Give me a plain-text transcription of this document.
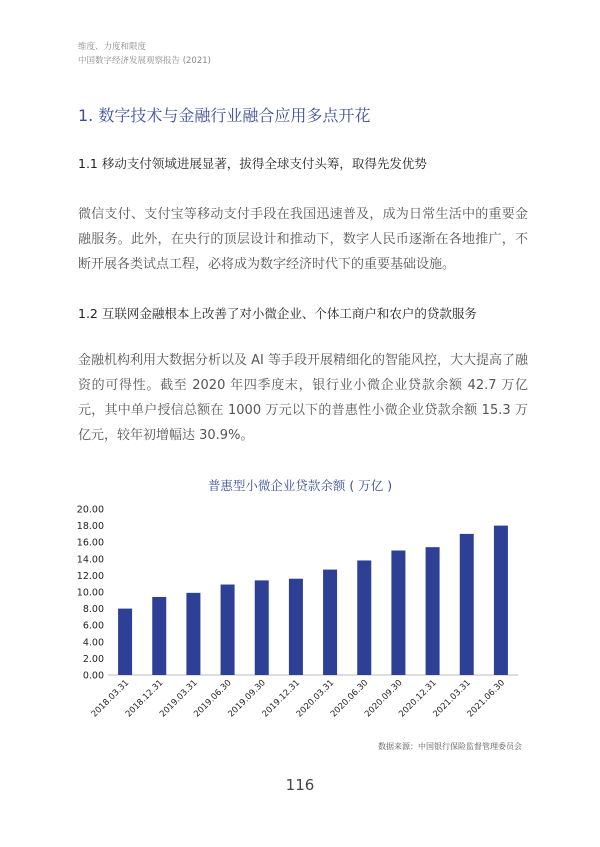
维度、力度和限度
中国数字经济发展观察报告 (2021)
1. 数字技术与金融行业融合应用多点开花
1.1 移动支付领域进展显著，拔得全球支付头筹，取得先发优势
微信支付、支付宝等移动支付手段在我国迅速普及，成为日常生活中的重要金融服务。此外，在央行的顶层设计和推动下，数字人民币逐渐在各地推广，不断开展各类试点工程，必将成为数字经济时代下的重要基础设施。
1.2 互联网金融根本上改善了对小微企业、个体工商户和农户的贷款服务
金融机构利用大数据分析以及 AI 等手段开展精细化的智能风控，大大提高了融资的可得性。截至 2020 年四季度末，银行业小微企业贷款余额 42.7 万亿元，其中单户授信总额在 1000 万元以下的普惠性小微企业贷款余额 15.3 万亿元，较年初增幅达 30.9%。
普惠型小微企业贷款余额 ( 万亿 )
0.00
2.00
4.00
6.00
8.00
10.00
12.00
14.00
16.00
18.00
20.00
2018.03.31
2018.12.31
2019.03.31
2019.06.30
2019.09.30
2019.12.31
2020.03.31
2020.06.30
2020.09.30
2020.12.31
2021.03.31
2021.06.30
数据来源：中国银行保险监督管理委员会
116
